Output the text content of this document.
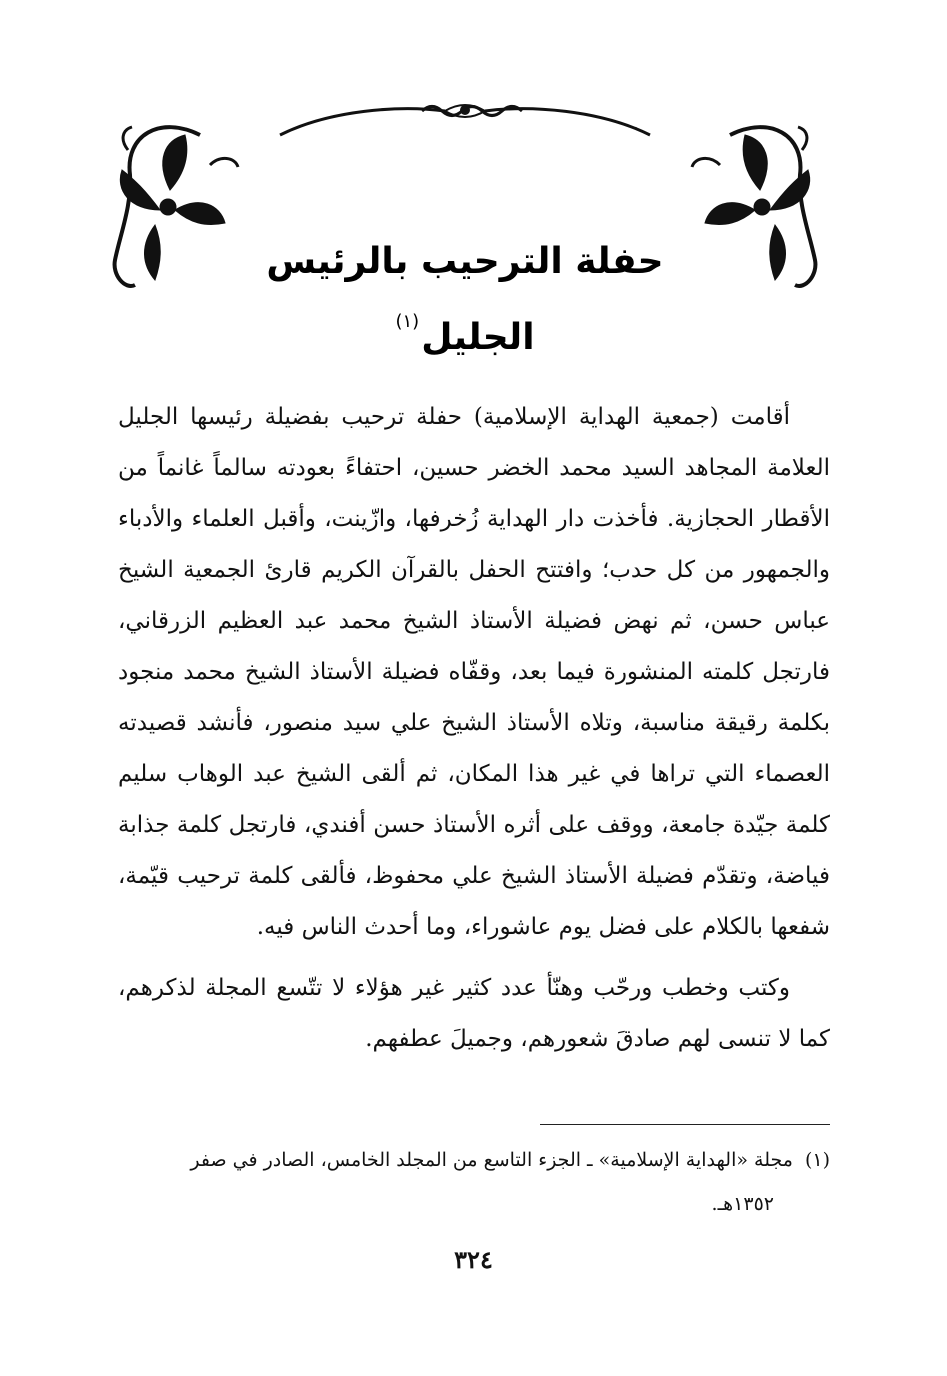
حفلة الترحيب بالرئيس الجليل$^{(١)}$

أقامت (جمعية الهداية الإسلامية) حفلة ترحيب بفضيلة رئيسها الجليل العلامة المجاهد السيد محمد الخضر حسين، احتفاءً بعودته سالماً غانماً من الأقطار الحجازية. فأخذت دار الهداية زُخرفها، وازّينت، وأقبل العلماء والأدباء والجمهور من كل حدب؛ وافتتح الحفل بالقرآن الكريم قارئ الجمعية الشيخ عباس حسن، ثم نهض فضيلة الأستاذ الشيخ محمد عبد العظيم الزرقاني، فارتجل كلمته المنشورة فيما بعد، وقفّاه فضيلة الأستاذ الشيخ محمد منجود بكلمة رقيقة مناسبة، وتلاه الأستاذ الشيخ علي سيد منصور، فأنشد قصيدته العصماء التي تراها في غير هذا المكان، ثم ألقى الشيخ عبد الوهاب سليم كلمة جيّدة جامعة، ووقف على أثره الأستاذ حسن أفندي، فارتجل كلمة جذابة فياضة، وتقدّم فضيلة الأستاذ الشيخ علي محفوظ، فألقى كلمة ترحيب قيّمة، شفعها بالكلام على فضل يوم عاشوراء، وما أحدث الناس فيه.

وكتب وخطب ورحّب وهنّأ عدد كثير غير هؤلاء لا تتّسع المجلة لذكرهم، كما لا تنسى لهم صادقَ شعورهم، وجميلَ عطفهم.

(١)مجلة «الهداية الإسلامية» ـ الجزء التاسع من المجلد الخامس، الصادر في صفر
١٣٥٢هـ.
٣٢٤
